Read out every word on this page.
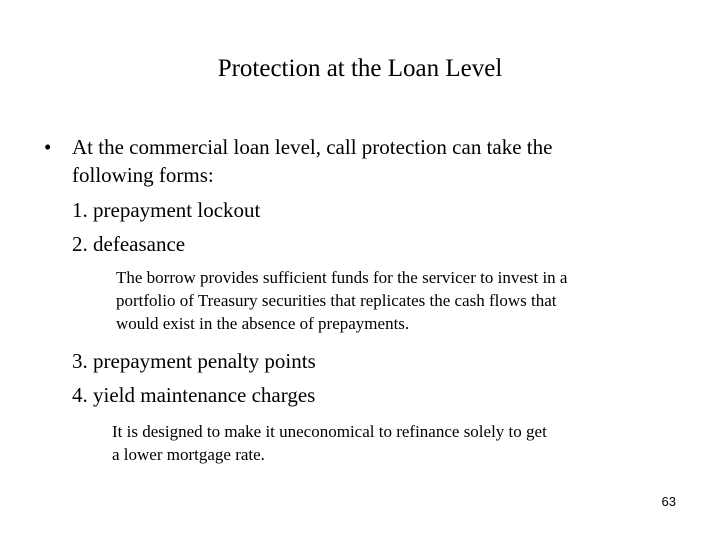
Protection at the Loan Level
• At the commercial loan level, call protection can take the
following forms:
1. prepayment lockout
2. defeasance
The borrow provides sufficient funds for the servicer to invest in a
portfolio of Treasury securities that replicates the cash flows that
would exist in the absence of prepayments.
3. prepayment penalty points
4. yield maintenance charges
It is designed to make it uneconomical to refinance solely to get
a lower mortgage rate.
63
